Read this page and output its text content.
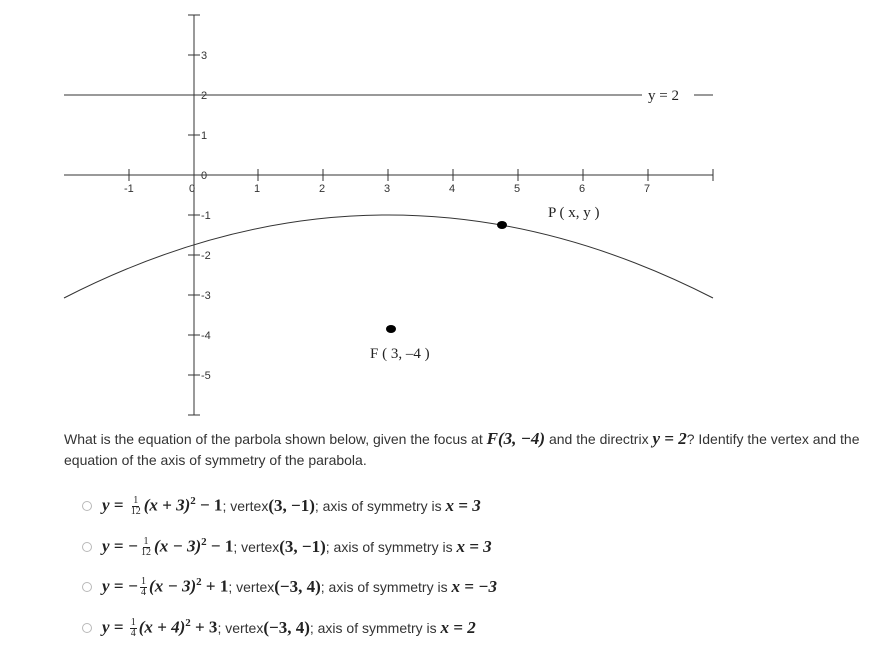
y = 2
-1	0	1	2	3	4	5	6	7
3
2
1
0
-1
-2
-3
-4
-5
P ( x, y )
F ( 3, –4 )
What is the equation of the parbola shown below, given the focus at F(3, −4) and the directrix y = 2? Identify the vertex and the equation of the axis of symmetry of the parabola.
$y = \frac{1}{12} (x + 3)^2 - 1$ ; vertex (3, −1) ; axis of symmetry is
x = 3
y = − $\frac{1}{12} (x - 3)^2 - 1$ ; vertex (3, −1) ; axis of symmetry is
x = 3
y = − $\frac{1}{4} (x - 3)^2 + 1$ ; vertex (−3, 4) ; axis of symmetry is
x = −3
$y = \frac{1}{4} (x + 4)^2 + 3$ ; vertex (−3, 4) ; axis of symmetry is
x = 2
